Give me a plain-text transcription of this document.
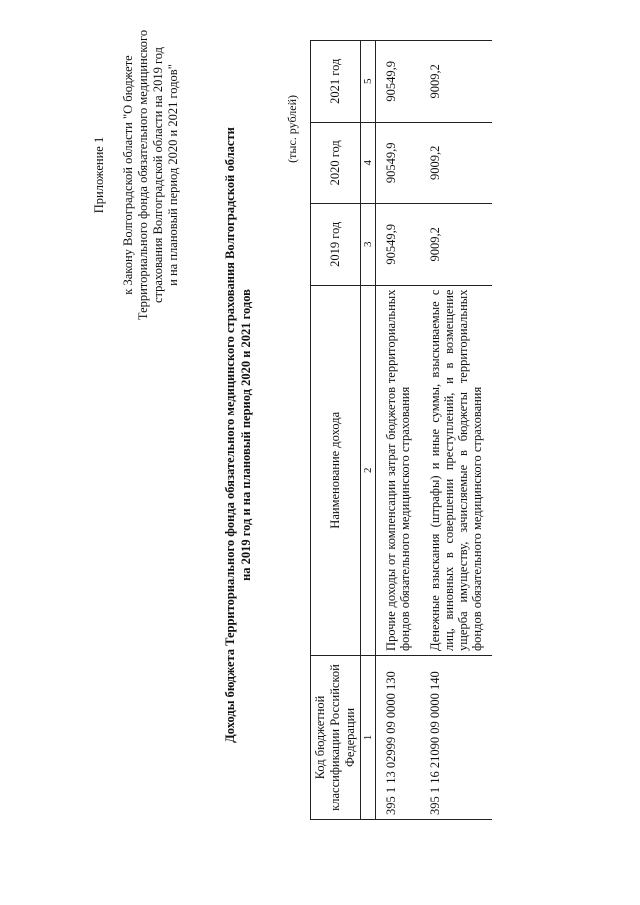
Приложение 1 к Закону Волгоградской области "О бюджете Территориального фонда обязательного медицинского страхования Волгоградской области на 2019 год и на плановый период 2020 и 2021 годов"	Доходы бюджета Территориального фонда обязательного медицинского страхования Волгоградской области на 2019 год и на плановый период 2020 и 2021 годов
(тыс. рублей)
Код бюджетной классификации Российской Федерации	Наименование дохода	2019 год	2020 год	2021 год
1	2	3	4	5
395 1 13 02999 09 0000 130	Прочие доходы от компенсации затрат бюджетов территориальных фондов обязательного медицинского страхования	90549,9	90549,9	90549,9
395 1 16 21090 09 0000 140	Денежные взыскания (штрафы) и иные суммы, взыскиваемые с лиц, виновных в совершении преступлений, и в возмещение ущерба имуществу, зачисляемые в бюджеты территориальных фондов обязательного медицинского страхования	9009,2	9009,2	9009,2
